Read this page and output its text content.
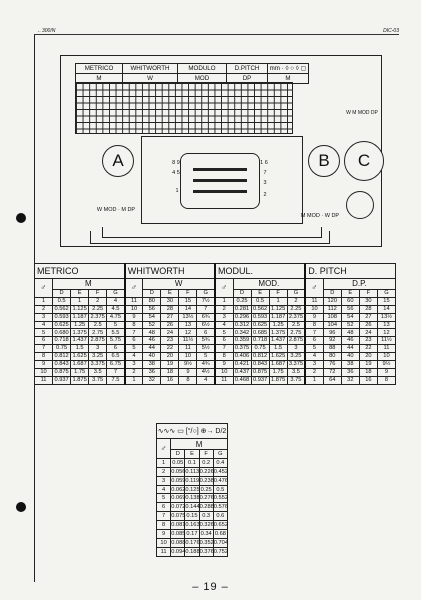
←300/N	DIC-03
METRICO	WHITWORTH	MODULO	D.PITCH	mm · ◊ ○ ◊ ▢
M	W	MOD	DP	M
W M MOD DP
8 9
4 5
1
1 6
7
3
2
A	B	C
W MOD · M DP
M MOD · W DP
METRICO					WHITWORTH					MODUL.					D. PITCH				
♂	M				♂	W				♂	MOD.				♂	D.P.			
	D	E	F	G		D	E	F	G		D	E	F	G		D	E	F	G
1	0.5	1	2	4	11	80	30	15	7½	1	0.25	0.5	1	2	11	120	60	30	15
2	0.562	1.125	2.25	4.5	10	56	28	14	7	2	0.281	0.562	1.125	2.25	10	112	56	28	14
3	0.593	1.187	2.375	4.75	9	54	27	13½	6¾	3	0.296	0.593	1.187	2.375	9	108	54	27	13½
4	0.625	1.25	2.5	5	8	52	26	13	6½	4	0.312	0.625	1.25	2.5	8	104	52	26	13
5	0.680	1.375	2.75	5.5	7	48	24	12	6	5	0.342	0.685	1.375	2.75	7	96	48	24	12
6	0.718	1.437	2.875	5.75	6	46	23	11½	5¾	6	0.359	0.718	1.437	2.875	6	92	46	23	11½
7	0.75	1.5	3	6	5	44	22	11	5½	7	0.375	0.75	1.5	3	5	88	44	22	11
8	0.812	1.625	3.25	6.5	4	40	20	10	5	8	0.406	0.812	1.625	3.25	4	80	40	20	10
9	0.843	1.687	3.375	6.75	3	38	19	9½	4¾	9	0.421	0.843	1.687	3.375	3	76	38	19	9½
10	0.875	1.75	3.5	7	2	36	18	9	4½	10	0.437	0.875	1.75	3.5	2	72	36	18	9
11	0.937	1.875	3.75	7.5	1	32	16	8	4	11	0.468	0.937	1.875	3.75	1	64	32	16	8
∿∿∿ ▭ [°/○] ⊕→ D/2				
♂	M			
	D	E	F	G
1	0.05	0.1	0.2	0.4
2	0.056	0.113	0.226	0.452
3	0.059	0.119	0.238	0.476
4	0.062	0.125	0.25	0.5
5	0.069	0.138	0.276	0.552
6	0.072	0.144	0.288	0.576
7	0.075	0.15	0.3	0.6
8	0.081	0.163	0.326	0.652
9	0.085	0.17	0.34	0.68
10	0.088	0.176	0.352	0.704
11	0.094	0.188	0.376	0.752
– 19 –
